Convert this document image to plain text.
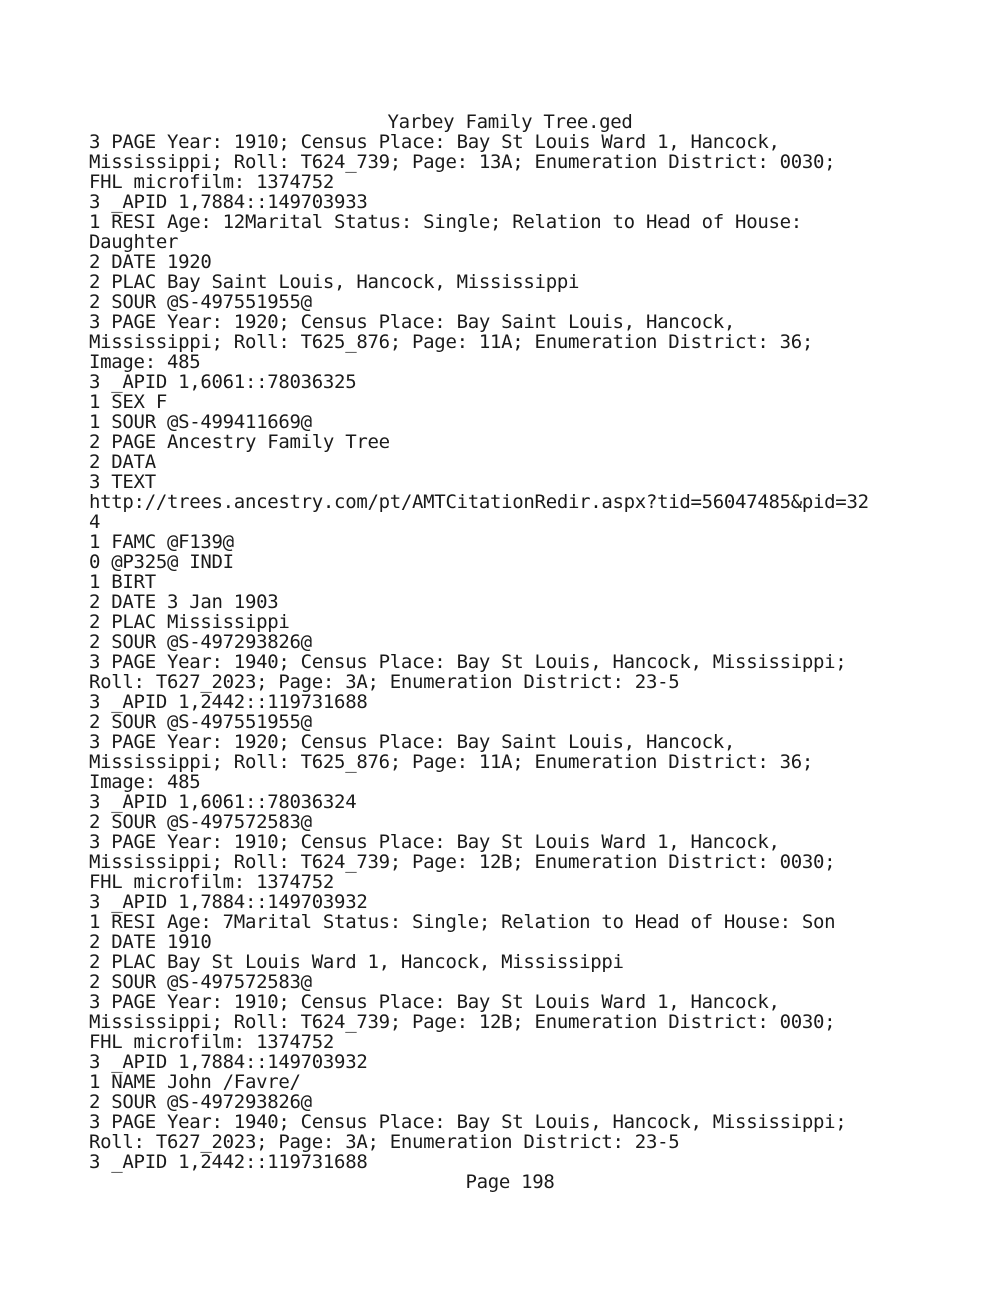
Yarbey Family Tree.ged
3 PAGE Year: 1910; Census Place: Bay St Louis Ward 1, Hancock,
Mississippi; Roll: T624_739; Page: 13A; Enumeration District: 0030;
FHL microfilm: 1374752
3 _APID 1,7884::149703933
1 RESI Age: 12Marital Status: Single; Relation to Head of House:
Daughter
2 DATE 1920
2 PLAC Bay Saint Louis, Hancock, Mississippi
2 SOUR @S-497551955@
3 PAGE Year: 1920; Census Place: Bay Saint Louis, Hancock,
Mississippi; Roll: T625_876; Page: 11A; Enumeration District: 36;
Image: 485
3 _APID 1,6061::78036325
1 SEX F
1 SOUR @S-499411669@
2 PAGE Ancestry Family Tree
2 DATA
3 TEXT
http://trees.ancestry.com/pt/AMTCitationRedir.aspx?tid=56047485&pid=32
4
1 FAMC @F139@
0 @P325@ INDI
1 BIRT
2 DATE 3 Jan 1903
2 PLAC Mississippi
2 SOUR @S-497293826@
3 PAGE Year: 1940; Census Place: Bay St Louis, Hancock, Mississippi;
Roll: T627_2023; Page: 3A; Enumeration District: 23-5
3 _APID 1,2442::119731688
2 SOUR @S-497551955@
3 PAGE Year: 1920; Census Place: Bay Saint Louis, Hancock,
Mississippi; Roll: T625_876; Page: 11A; Enumeration District: 36;
Image: 485
3 _APID 1,6061::78036324
2 SOUR @S-497572583@
3 PAGE Year: 1910; Census Place: Bay St Louis Ward 1, Hancock,
Mississippi; Roll: T624_739; Page: 12B; Enumeration District: 0030;
FHL microfilm: 1374752
3 _APID 1,7884::149703932
1 RESI Age: 7Marital Status: Single; Relation to Head of House: Son
2 DATE 1910
2 PLAC Bay St Louis Ward 1, Hancock, Mississippi
2 SOUR @S-497572583@
3 PAGE Year: 1910; Census Place: Bay St Louis Ward 1, Hancock,
Mississippi; Roll: T624_739; Page: 12B; Enumeration District: 0030;
FHL microfilm: 1374752
3 _APID 1,7884::149703932
1 NAME John /Favre/
2 SOUR @S-497293826@
3 PAGE Year: 1940; Census Place: Bay St Louis, Hancock, Mississippi;
Roll: T627_2023; Page: 3A; Enumeration District: 23-5
3 _APID 1,2442::119731688
Page 198
